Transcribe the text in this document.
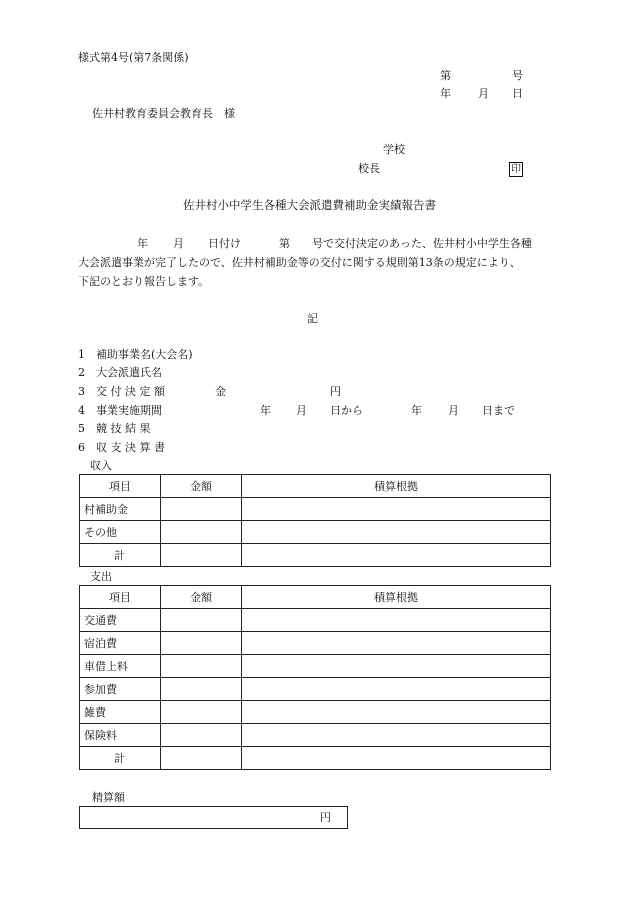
様式第4号(第7条関係)
第	号
年 月 日
佐井村教育委員会教育長　様
学校
校長	印
佐井村小中学生各種大会派遣費補助金実績報告書
年 月 日付け	第 号で交付決定のあった、佐井村小中学生各種
大会派遣事業が完了したので、佐井村補助金等の交付に関する規則第13条の規定により、
下記のとおり報告します。
記
1　補助事業名(大会名)
2　大会派遣氏名
3　交 付 決 定 額	金	円
4　事業実施期間	年 月 日から	年 月 日まで
5　競 技 結 果
6　収 支 決 算 書
収入
項目	金額	積算根拠
村補助金		
その他		
計		
支出
項目	金額	積算根拠
交通費		
宿泊費		
車借上料		
参加費		
雑費		
保険料		
計		
精算額
円
